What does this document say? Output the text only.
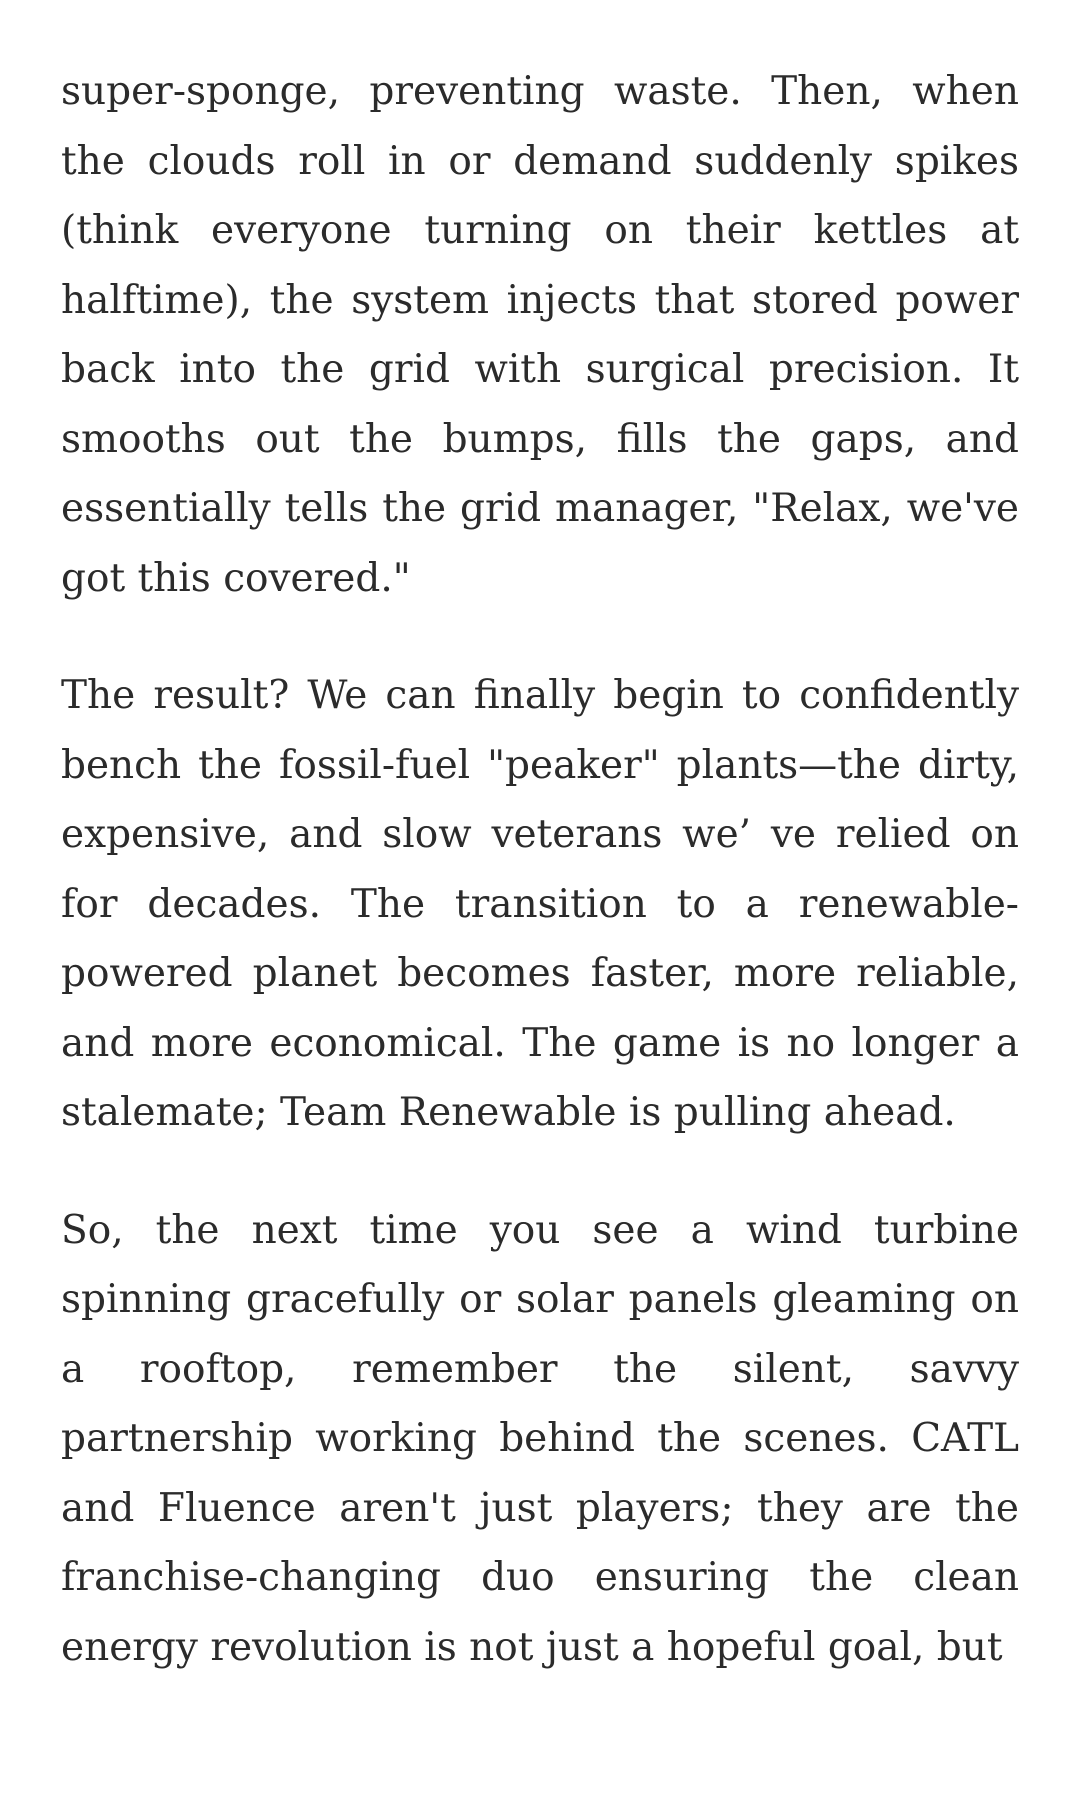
super-sponge, preventing waste. Then, when the clouds roll in or demand suddenly spikes (think everyone turning on their kettles at halftime), the system injects that stored power back into the grid with surgical precision. It smooths out the bumps, fills the gaps, and essentially tells the grid manager, "Relax, we've got this covered."

The result? We can finally begin to confidently bench the fossil-fuel "peaker" plants—the dirty, expensive, and slow veterans we’ ve relied on for decades. The transition to a renewable-powered planet becomes faster, more reliable, and more economical. The game is no longer a stalemate; Team Renewable is pulling ahead.

So, the next time you see a wind turbine spinning gracefully or solar panels gleaming on a rooftop, remember the silent, savvy partnership working behind the scenes. CATL and Fluence aren't just players; they are the franchise-changing duo ensuring the clean energy revolution is not just a hopeful goal, but
